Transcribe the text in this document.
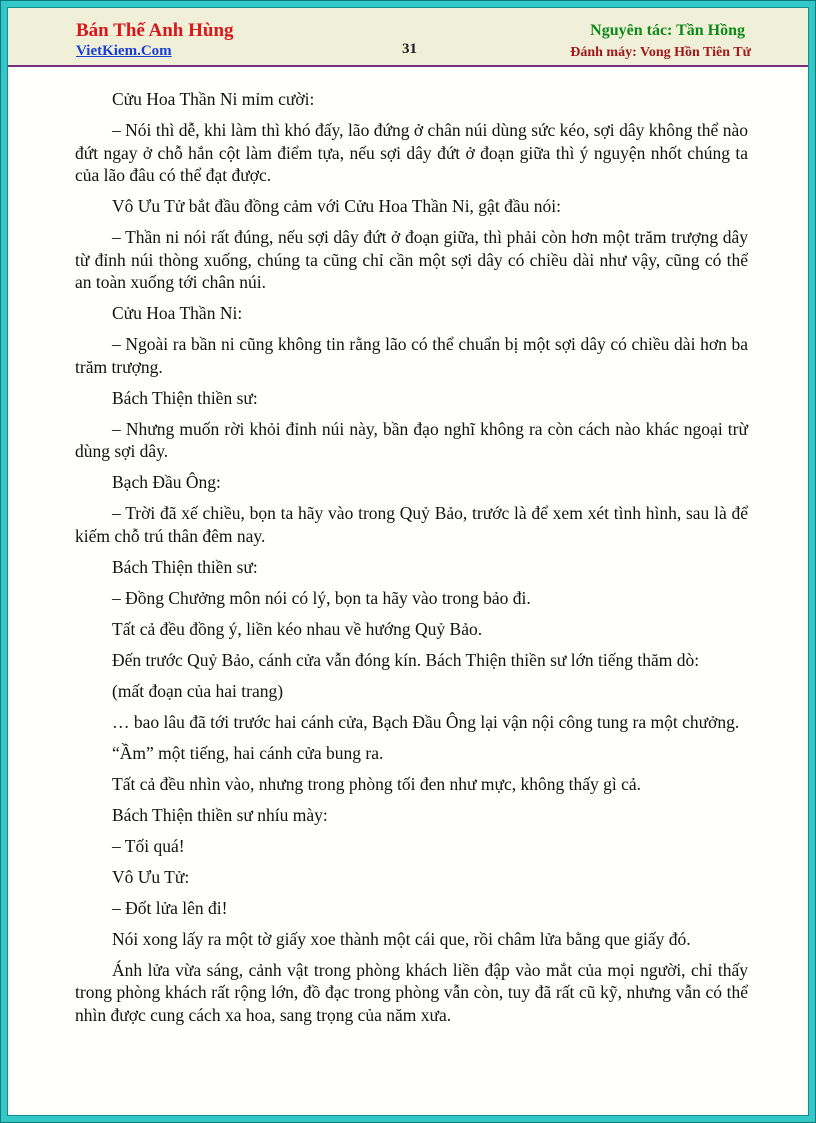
Bán Thế Anh Hùng
VietKiem.Com	31
Nguyên tác: Tần Hồng
Đánh máy: Vong Hồn Tiên Tử

Cửu Hoa Thần Ni mỉm cười:

– Nói thì dễ, khi làm thì khó đấy, lão đứng ở chân núi dùng sức kéo, sợi dây không thể nào đứt ngay ở chỗ hắn cột làm điểm tựa, nếu sợi dây đứt ở đoạn giữa thì ý nguyện nhốt chúng ta của lão đâu có thể đạt được.

Vô Ưu Tử bắt đầu đồng cảm với Cửu Hoa Thần Ni, gật đầu nói:

– Thần ni nói rất đúng, nếu sợi dây đứt ở đoạn giữa, thì phải còn hơn một trăm trượng dây từ đỉnh núi thòng xuống, chúng ta cũng chỉ cần một sợi dây có chiều dài như vậy, cũng có thể an toàn xuống tới chân núi.

Cửu Hoa Thần Ni:

– Ngoài ra bần ni cũng không tin rằng lão có thể chuẩn bị một sợi dây có chiều dài hơn ba trăm trượng.

Bách Thiện thiền sư:

– Nhưng muốn rời khỏi đỉnh núi này, bần đạo nghĩ không ra còn cách nào khác ngoại trừ dùng sợi dây.

Bạch Đầu Ông:

– Trời đã xế chiều, bọn ta hãy vào trong Quỷ Bảo, trước là để xem xét tình hình, sau là để kiếm chỗ trú thân đêm nay.

Bách Thiện thiền sư:

– Đồng Chưởng môn nói có lý, bọn ta hãy vào trong bảo đi.

Tất cả đều đồng ý, liền kéo nhau về hướng Quỷ Bảo.

Đến trước Quỷ Bảo, cánh cửa vẫn đóng kín. Bách Thiện thiền sư lớn tiếng thăm dò:

(mất đoạn của hai trang)

… bao lâu đã tới trước hai cánh cửa, Bạch Đầu Ông lại vận nội công tung ra một chưởng.

“Ầm” một tiếng, hai cánh cửa bung ra.

Tất cả đều nhìn vào, nhưng trong phòng tối đen như mực, không thấy gì cả.

Bách Thiện thiền sư nhíu mày:

– Tối quá!

Vô Ưu Tử:

– Đốt lửa lên đi!

Nói xong lấy ra một tờ giấy xoe thành một cái que, rồi châm lửa bằng que giấy đó.

Ánh lửa vừa sáng, cảnh vật trong phòng khách liền đập vào mắt của mọi người, chỉ thấy trong phòng khách rất rộng lớn, đồ đạc trong phòng vẫn còn, tuy đã rất cũ kỹ, nhưng vẫn có thể nhìn được cung cách xa hoa, sang trọng của năm xưa.
